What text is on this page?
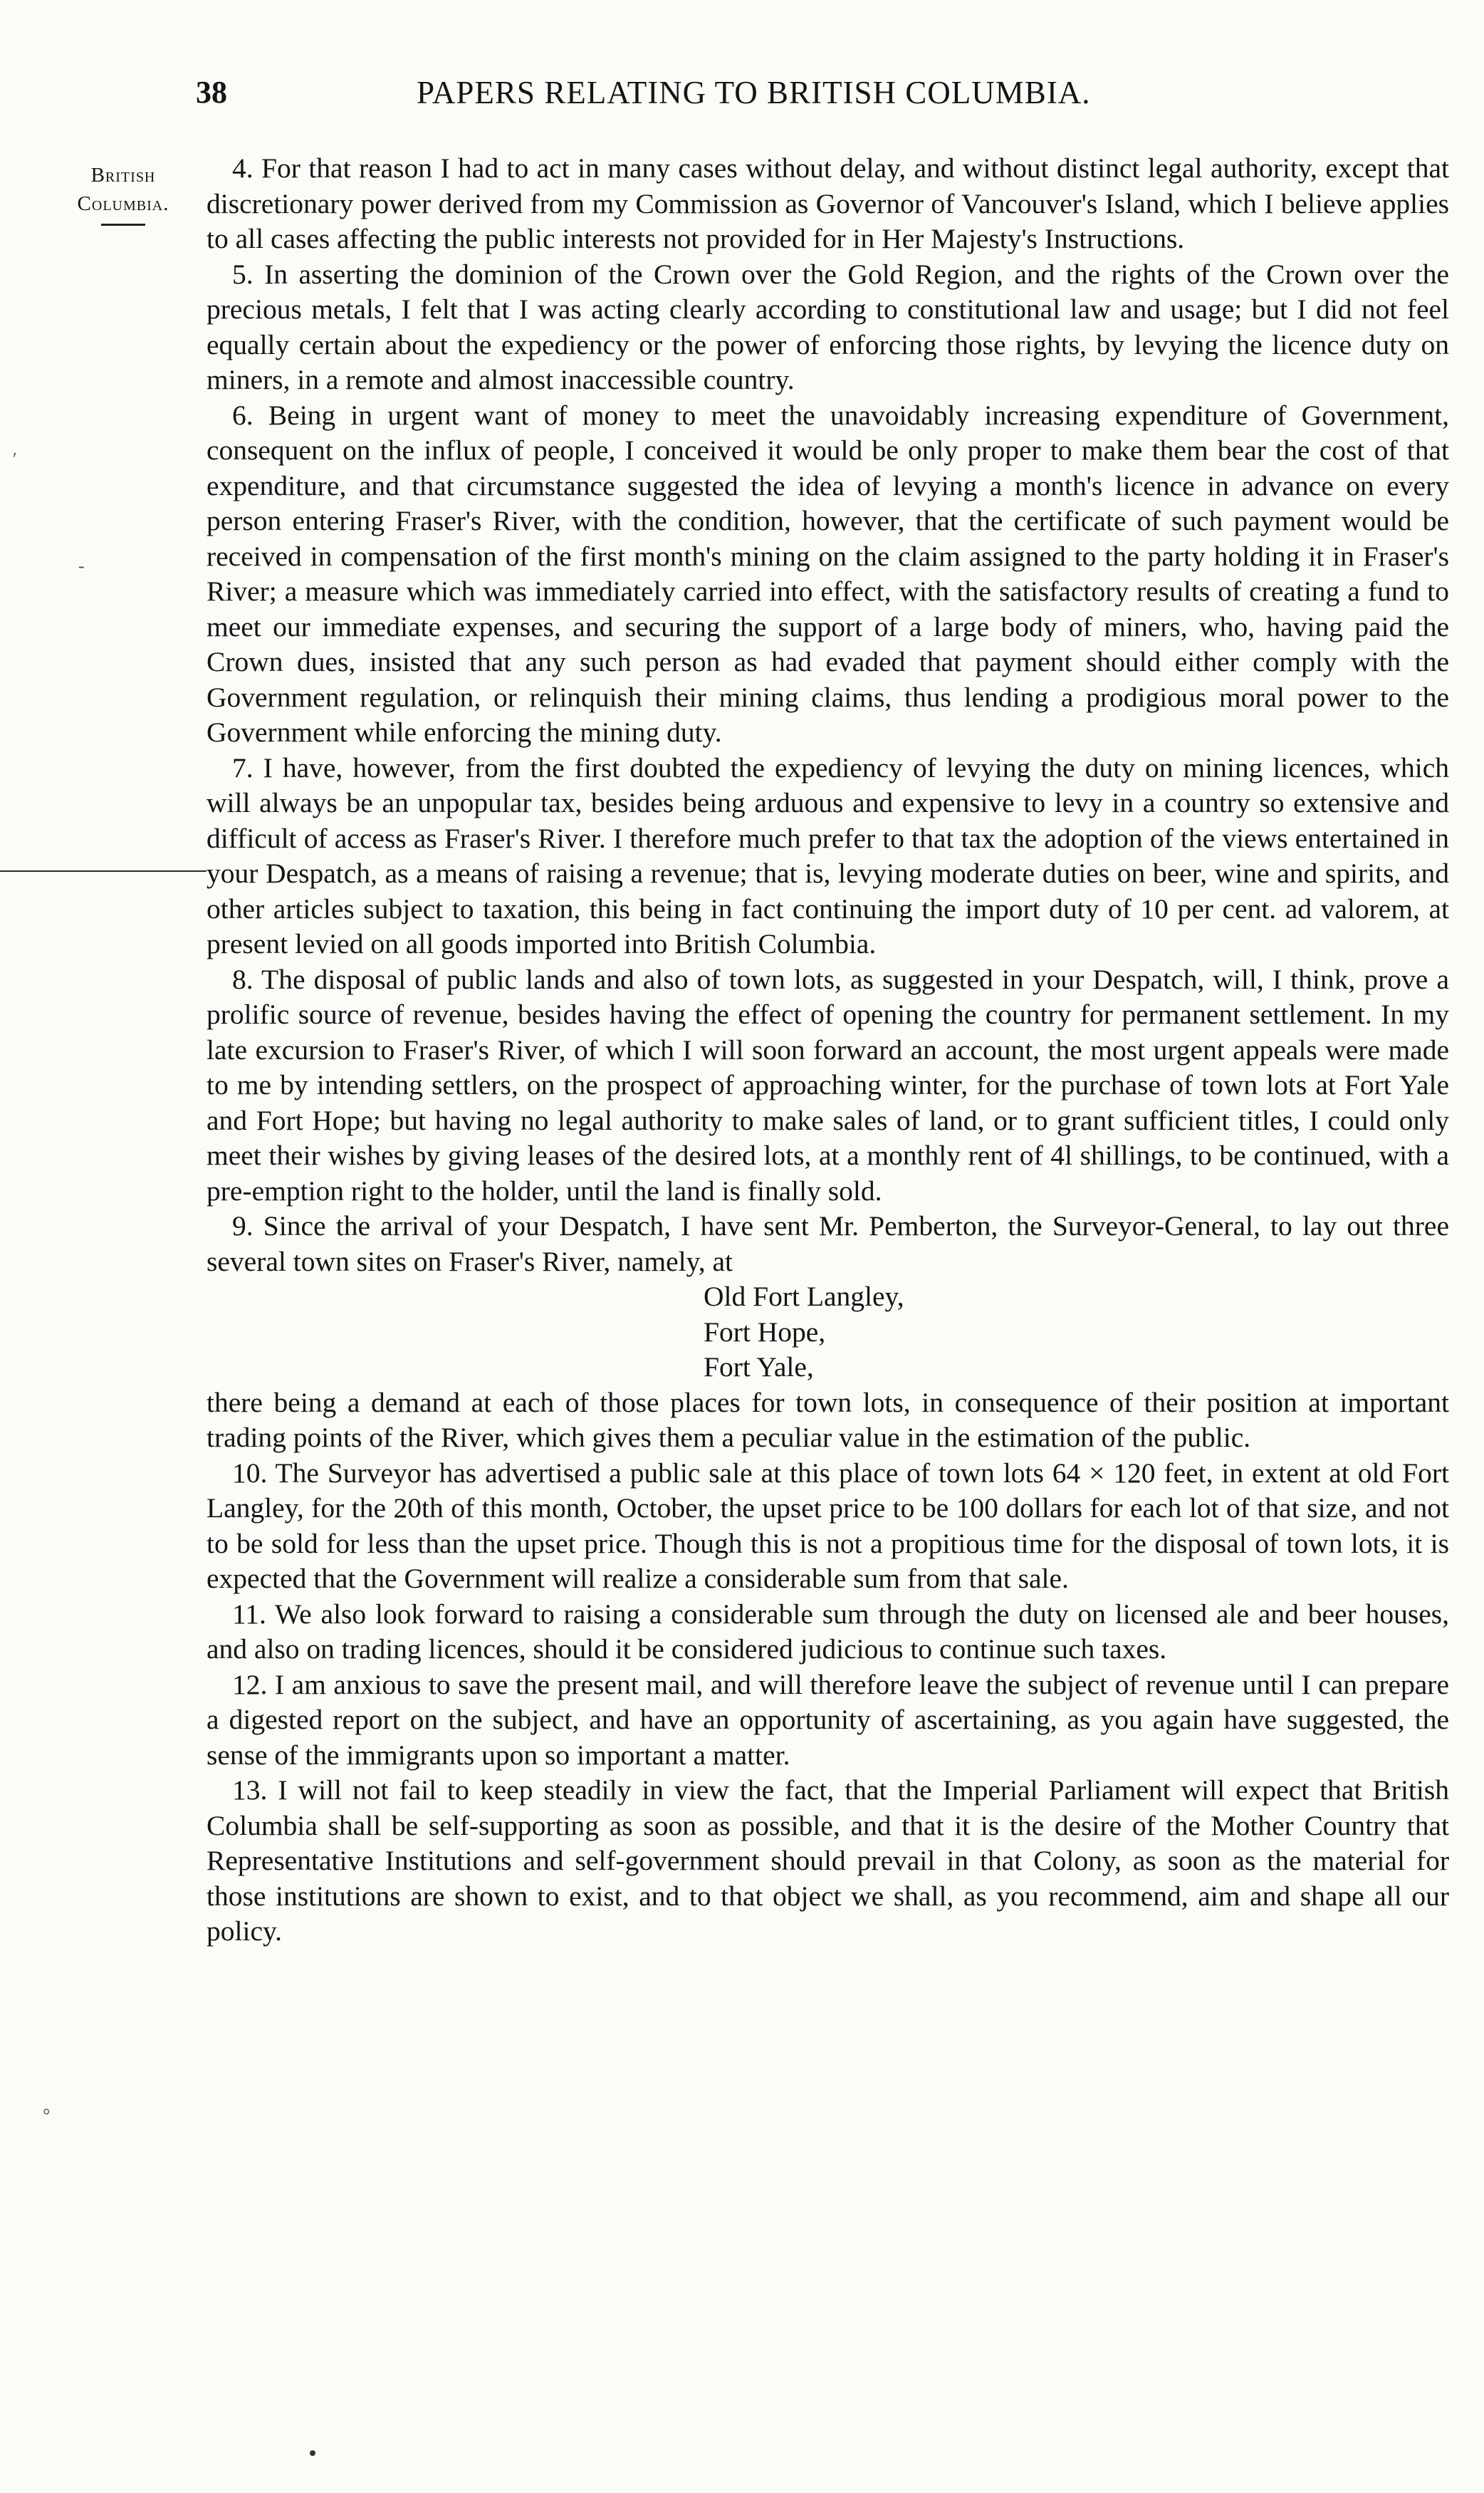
38	PAPERS RELATING TO BRITISH COLUMBIA.
British
Columbia.
ʹ
-
°

4. For that reason I had to act in many cases without delay, and without distinct legal authority, except that discretionary power derived from my Commission as Governor of Vancouver's Island, which I believe applies to all cases affecting the public interests not provided for in Her Majesty's Instructions.

5. In asserting the dominion of the Crown over the Gold Region, and the rights of the Crown over the precious metals, I felt that I was acting clearly according to constitutional law and usage; but I did not feel equally certain about the expediency or the power of enforcing those rights, by levying the licence duty on miners, in a remote and almost inaccessible country.

6. Being in urgent want of money to meet the unavoidably increasing expenditure of Government, consequent on the influx of people, I conceived it would be only proper to make them bear the cost of that expenditure, and that circumstance suggested the idea of levying a month's licence in advance on every person entering Fraser's River, with the condition, however, that the certificate of such payment would be received in compensation of the first month's mining on the claim assigned to the party holding it in Fraser's River; a measure which was immediately carried into effect, with the satisfactory results of creating a fund to meet our immediate expenses, and securing the support of a large body of miners, who, having paid the Crown dues, insisted that any such person as had evaded that payment should either comply with the Government regulation, or relinquish their mining claims, thus lending a prodigious moral power to the Government while enforcing the mining duty.

7. I have, however, from the first doubted the expediency of levying the duty on mining licences, which will always be an unpopular tax, besides being arduous and expensive to levy in a country so extensive and difficult of access as Fraser's River. I therefore much prefer to that tax the adoption of the views entertained in your Despatch, as a means of raising a revenue; that is, levying moderate duties on beer, wine and spirits, and other articles subject to taxation, this being in fact continuing the import duty of 10 per cent. ad valorem, at present levied on all goods imported into British Columbia.

8. The disposal of public lands and also of town lots, as suggested in your Despatch, will, I think, prove a prolific source of revenue, besides having the effect of opening the country for permanent settlement. In my late excursion to Fraser's River, of which I will soon forward an account, the most urgent appeals were made to me by intending settlers, on the prospect of approaching winter, for the purchase of town lots at Fort Yale and Fort Hope; but having no legal authority to make sales of land, or to grant sufficient titles, I could only meet their wishes by giving leases of the desired lots, at a monthly rent of 4l shillings, to be continued, with a pre-emption right to the holder, until the land is finally sold.

9. Since the arrival of your Despatch, I have sent Mr. Pemberton, the Surveyor-General, to lay out three several town sites on Fraser's River, namely, at

Old Fort Langley,
Fort Hope,
Fort Yale,

there being a demand at each of those places for town lots, in consequence of their position at important trading points of the River, which gives them a peculiar value in the estimation of the public.

10. The Surveyor has advertised a public sale at this place of town lots 64 × 120 feet, in extent at old Fort Langley, for the 20th of this month, October, the upset price to be 100 dollars for each lot of that size, and not to be sold for less than the upset price. Though this is not a propitious time for the disposal of town lots, it is expected that the Government will realize a considerable sum from that sale.

11. We also look forward to raising a considerable sum through the duty on licensed ale and beer houses, and also on trading licences, should it be considered judicious to continue such taxes.

12. I am anxious to save the present mail, and will therefore leave the subject of revenue until I can prepare a digested report on the subject, and have an opportunity of ascertaining, as you again have suggested, the sense of the immigrants upon so important a matter.

13. I will not fail to keep steadily in view the fact, that the Imperial Parliament will expect that British Columbia shall be self-supporting as soon as possible, and that it is the desire of the Mother Country that Representative Institutions and self-government should prevail in that Colony, as soon as the material for those institutions are shown to exist, and to that object we shall, as you recommend, aim and shape all our policy.
